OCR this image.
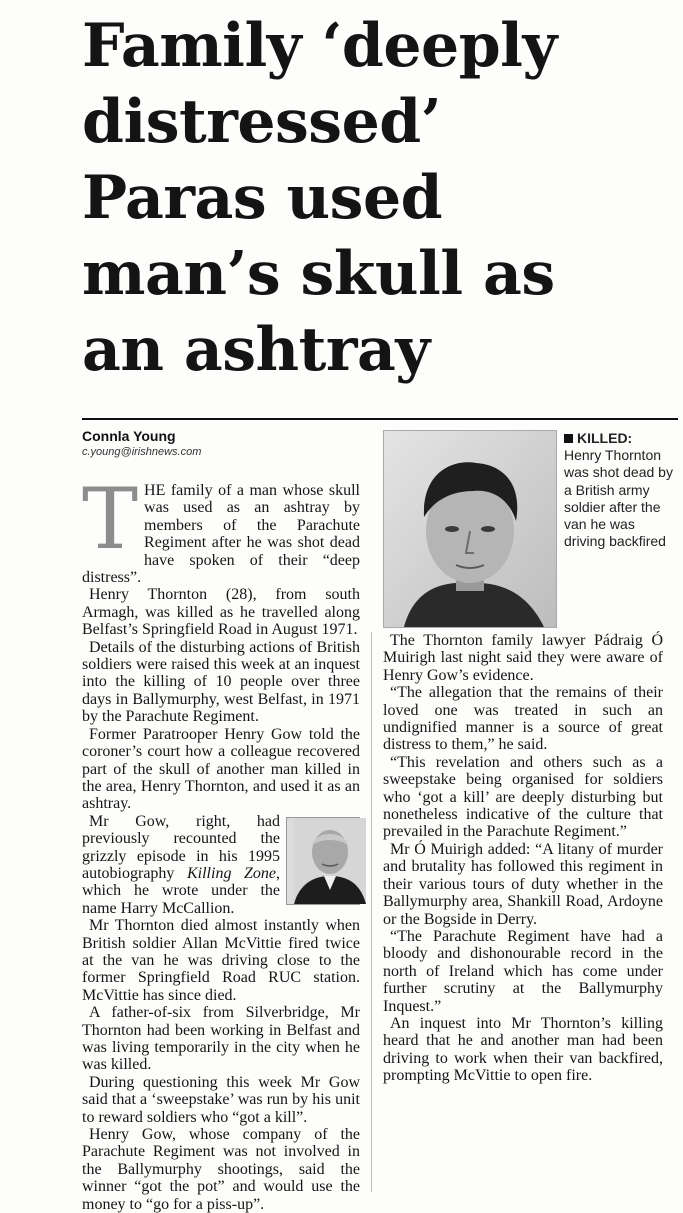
Family ‘deeply
distressed’
Paras used
man’s skull as
an ashtray
Connla Young
c.young@irishnews.com
KILLED:
Henry Thornton was shot dead by a British army soldier after the van he was driving backfired

THE family of a man whose skull was used as an ashtray by members of the Parachute Regiment after he was shot dead have spoken of their “deep distress”.

Henry Thornton (28), from south Armagh, was killed as he travelled along Belfast’s Springfield Road in August 1971.

Details of the disturbing actions of British soldiers were raised this week at an inquest into the killing of 10 people over three days in Ballymurphy, west Belfast, in 1971 by the Parachute Regiment.

Former Paratrooper Henry Gow told the coroner’s court how a colleague recovered part of the skull of another man killed in the area, Henry Thornton, and used it as an ashtray.

Mr Gow, right, had previously recounted the grizzly episode in his 1995 autobiography Killing Zone, which he wrote under the name Harry McCallion.

Mr Thornton died almost instantly when British soldier Allan McVittie fired twice at the van he was driving close to the former Springfield Road RUC station. McVittie has since died.

A father-of-six from Silverbridge, Mr Thornton had been working in Belfast and was living temporarily in the city when he was killed.

During questioning this week Mr Gow said that a ‘sweepstake’ was run by his unit to reward soldiers who “got a kill”.

Henry Gow, whose company of the Parachute Regiment was not involved in the Ballymurphy shootings, said the winner “got the pot” and would use the money to “go for a piss-up”.

The Thornton family lawyer Pádraig Ó Muirigh last night said they were aware of Henry Gow’s evidence.

“The allegation that the remains of their loved one was treated in such an undignified manner is a source of great distress to them,” he said.

“This revelation and others such as a sweepstake being organised for soldiers who ‘got a kill’ are deeply disturbing but nonetheless indicative of the culture that prevailed in the Parachute Regiment.”

Mr Ó Muirigh added: “A litany of murder and brutality has followed this regiment in their various tours of duty whether in the Ballymurphy area, Shankill Road, Ardoyne or the Bogside in Derry.

“The Parachute Regiment have had a bloody and dishonourable record in the north of Ireland which has come under further scrutiny at the Ballymurphy Inquest.”

An inquest into Mr Thornton’s killing heard that he and another man had been driving to work when their van backfired, prompting McVittie to open fire.
